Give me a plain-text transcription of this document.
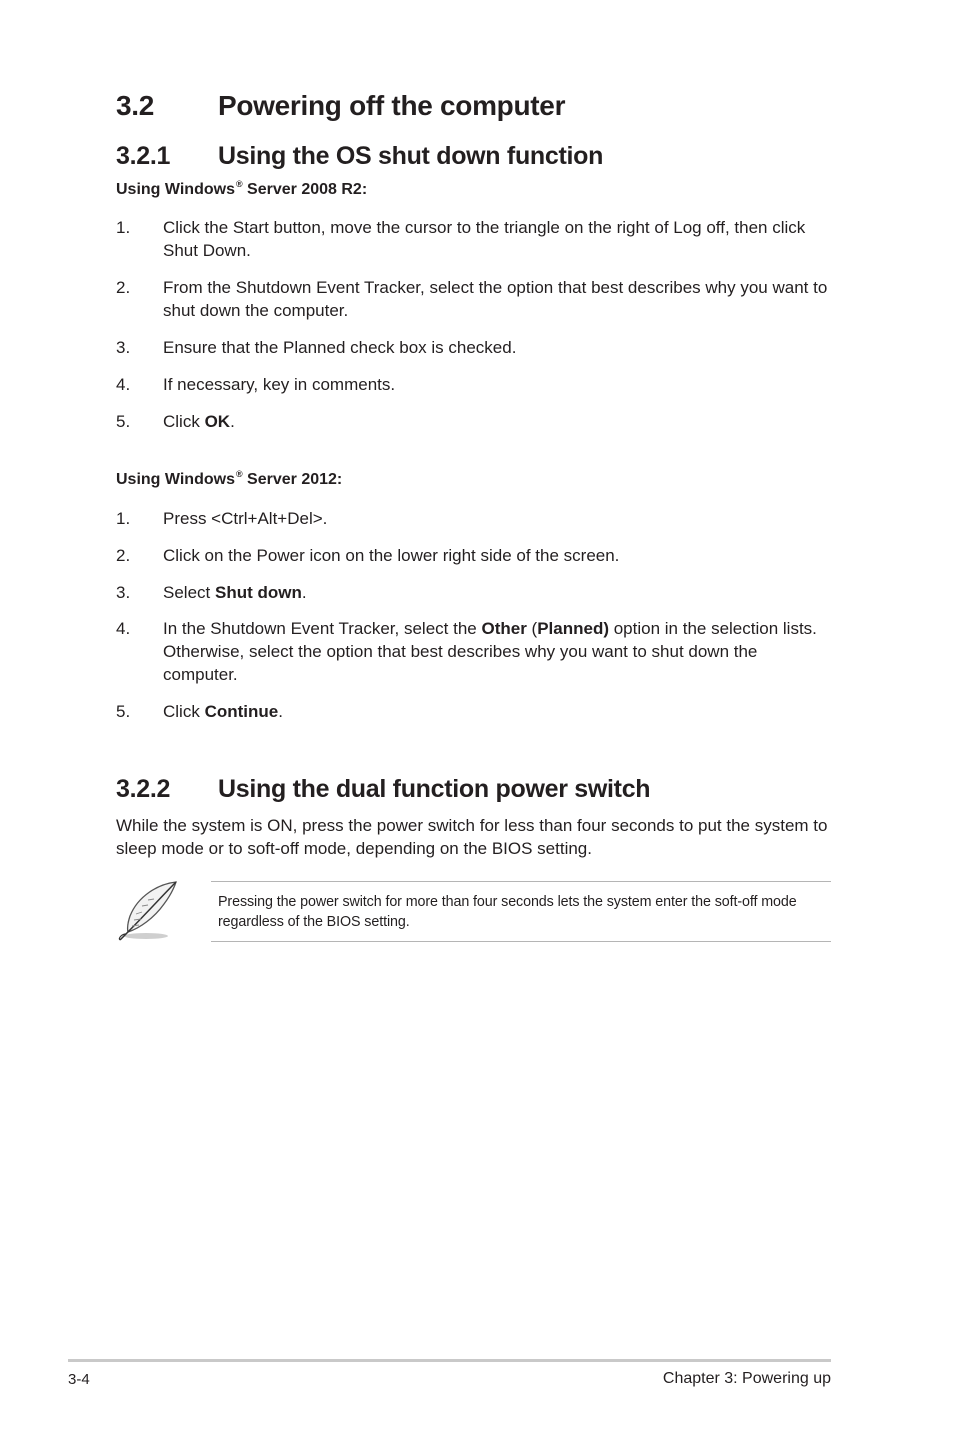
3.2 Powering off the computer
3.2.1 Using the OS shut down function
Using Windows® Server 2008 R2:
1. Click the Start button, move the cursor to the triangle on the right of Log off, then click Shut Down.
2. From the Shutdown Event Tracker, select the option that best describes why you want to shut down the computer.
3. Ensure that the Planned check box is checked.
4. If necessary, key in comments.
5. Click OK.
Using Windows® Server 2012:
1. Press <Ctrl+Alt+Del>.
2. Click on the Power icon on the lower right side of the screen.
3. Select Shut down.
4. In the Shutdown Event Tracker, select the Other (Planned) option in the selection lists. Otherwise, select the option that best describes why you want to shut down the computer.
5. Click Continue.
3.2.2 Using the dual function power switch
While the system is ON, press the power switch for less than four seconds to put the system to sleep mode or to soft-off mode, depending on the BIOS setting.
Pressing the power switch for more than four seconds lets the system enter the soft-off mode regardless of the BIOS setting.
3-4	Chapter 3: Powering up
